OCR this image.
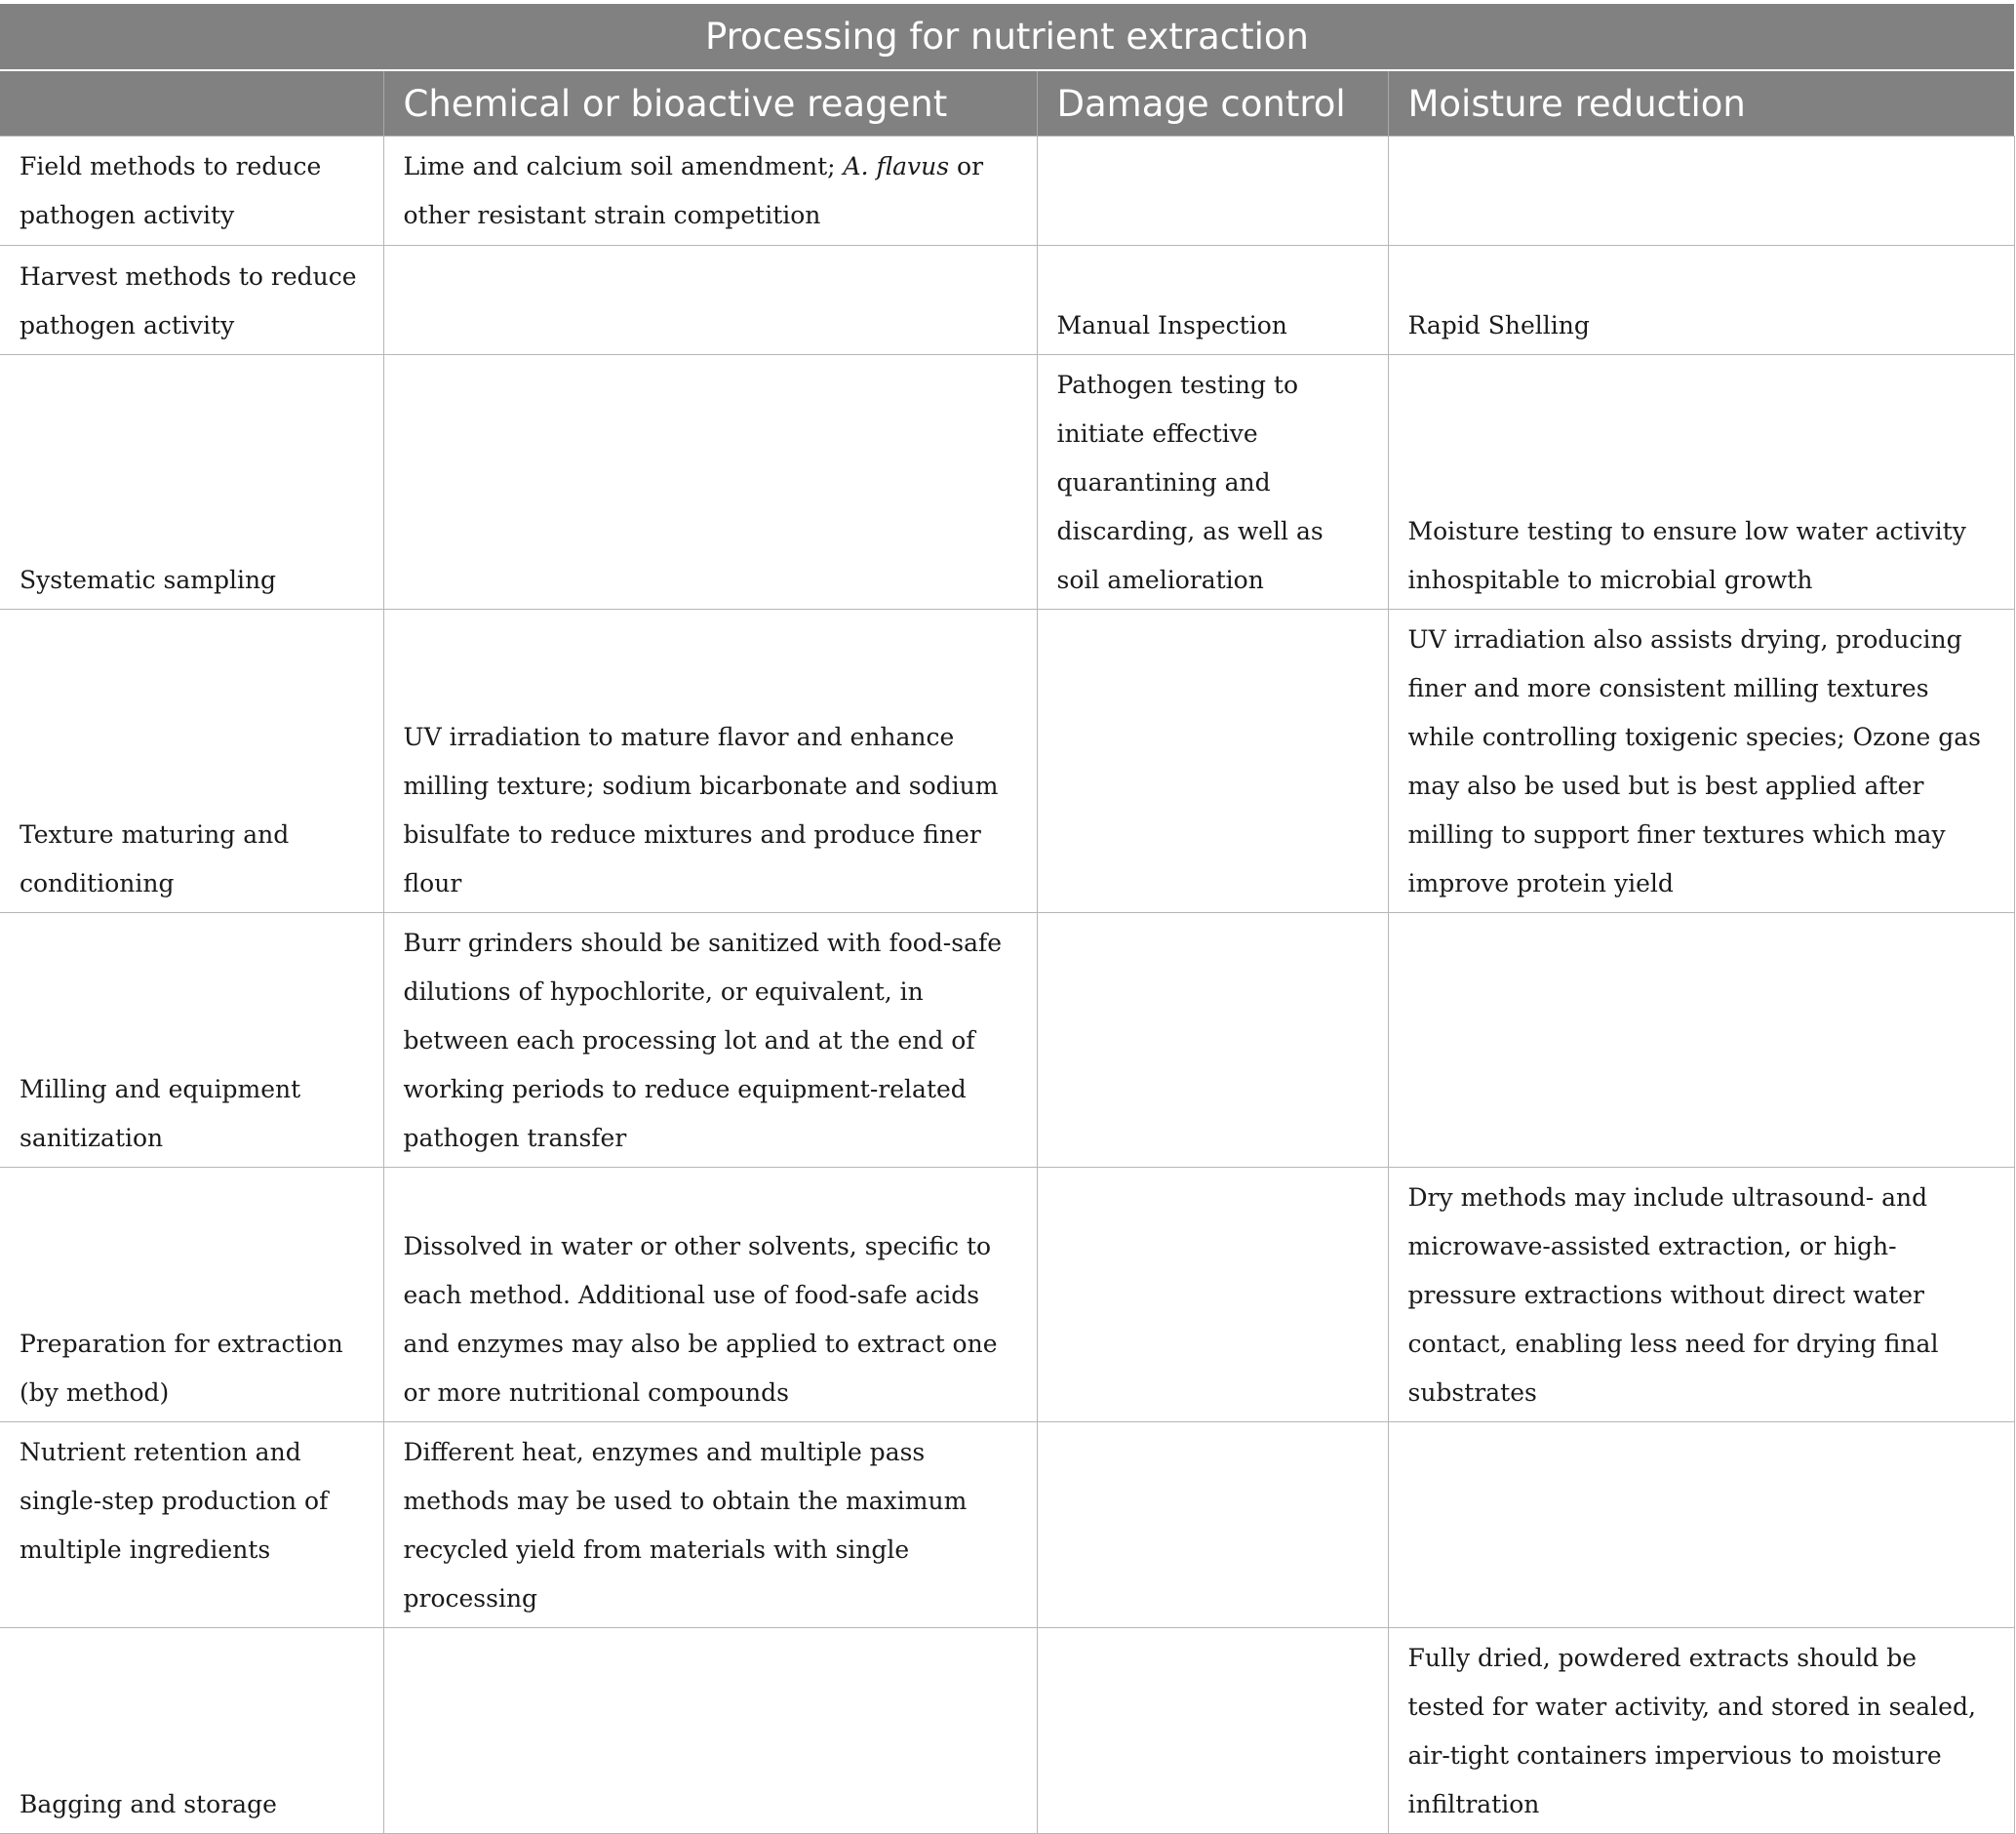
Processing for nutrient extraction			
	Chemical or bioactive reagent	Damage control	Moisture reduction
Field methods to reduce pathogen activity	Lime and calcium soil amendment; A. flavus or other resistant strain competition		
Harvest methods to reduce pathogen activity		Manual Inspection	Rapid Shelling
Systematic sampling		Pathogen testing to initiate effective quarantining and discarding, as well as soil amelioration	Moisture testing to ensure low water activity inhospitable to microbial growth
Texture maturing and conditioning	UV irradiation to mature flavor and enhance milling texture; sodium bicarbonate and sodium bisulfate to reduce mixtures and produce finer flour		UV irradiation also assists drying, producing finer and more consistent milling textures while controlling toxigenic species; Ozone gas may also be used but is best applied after milling to support finer textures which may improve protein yield
Milling and equipment sanitization	Burr grinders should be sanitized with food-safe dilutions of hypochlorite, or equivalent, in between each processing lot and at the end of working periods to reduce equipment-related pathogen transfer		
Preparation for extraction (by method)	Dissolved in water or other solvents, specific to each method. Additional use of food-safe acids and enzymes may also be applied to extract one or more nutritional compounds		Dry methods may include ultrasound- and microwave-assisted extraction, or high-pressure extractions without direct water contact, enabling less need for drying final substrates
Nutrient retention and single-step production of multiple ingredients	Different heat, enzymes and multiple pass methods may be used to obtain the maximum recycled yield from materials with single processing		
Bagging and storage			Fully dried, powdered extracts should be tested for water activity, and stored in sealed, air-tight containers impervious to moisture infiltration
